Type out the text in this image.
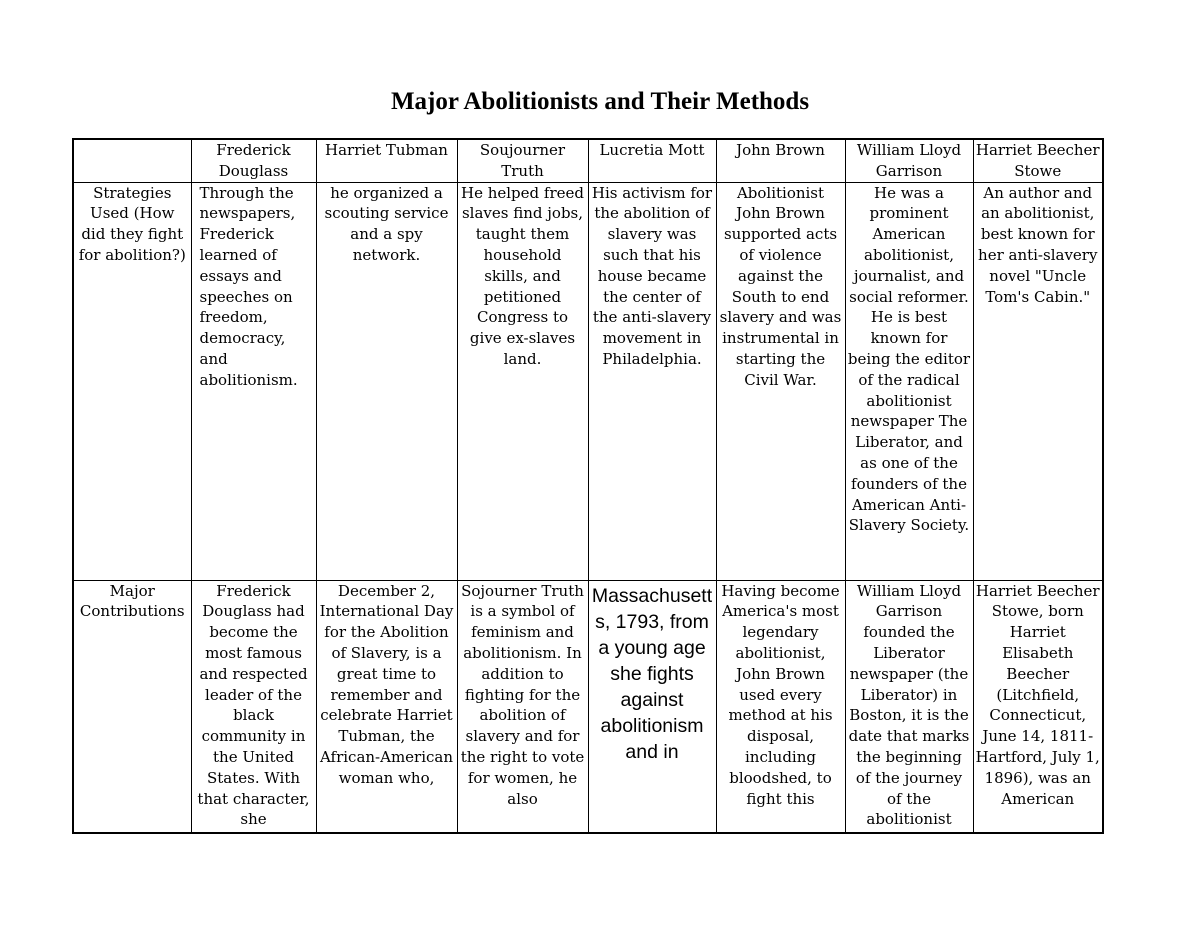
Major Abolitionists and Their Methods
	Frederick Douglass	Harriet Tubman	Soujourner Truth	Lucretia Mott	John Brown	William Lloyd Garrison	Harriet Beecher Stowe
Strategies Used (How did they fight for abolition?)	Through the newspapers, Frederick learned of essays and speeches on freedom, democracy, and abolitionism.	he organized a scouting service and a spy network.	He helped freed slaves find jobs, taught them household skills, and petitioned Congress to give ex-slaves land.	His activism for the abolition of slavery was such that his house became the center of the anti-slavery movement in Philadelphia.	Abolitionist John Brown supported acts of violence against the South to end slavery and was instrumental in starting the Civil War.	He was a prominent American abolitionist, journalist, and social reformer. He is best known for being the editor of the radical abolitionist newspaper The Liberator, and as one of the founders of the American Anti-Slavery Society.	An author and an abolitionist, best known for her anti-slavery novel "Uncle Tom's Cabin."

Major Contributions	Frederick Douglass had become the most famous and respected leader of the black community in the United States. With that character, she	December 2, International Day for the Abolition of Slavery, is a great time to remember and celebrate Harriet Tubman, the African-American woman who,	Sojourner Truth is a symbol of feminism and abolitionism. In addition to fighting for the abolition of slavery and for the right to vote for women, he also	Massachusetts, 1793, from a young age she fights against abolitionism and in	Having become America's most legendary abolitionist, John Brown used every method at his disposal, including bloodshed, to fight this	William Lloyd Garrison founded the Liberator newspaper (the Liberator) in Boston, it is the date that marks the beginning of the journey of the abolitionist	Harriet Beecher Stowe, born Harriet Elisabeth Beecher (Litchfield, Connecticut, June 14, 1811-Hartford, July 1, 1896), was an American
